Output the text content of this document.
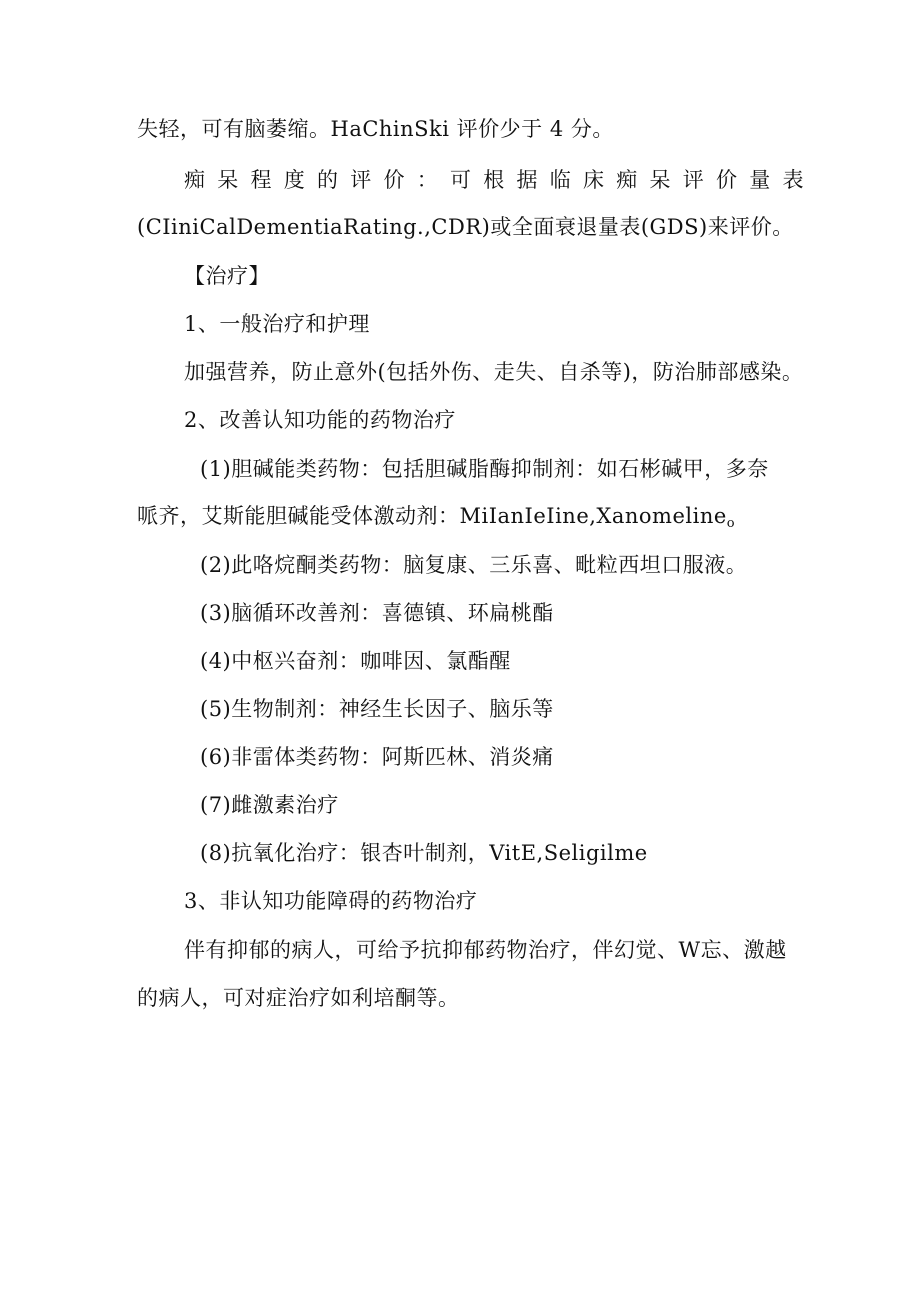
失轻，可有脑萎缩。HaChinSki 评价少于 4 分。
痴呆程度的评价：可根据临床痴呆评价量表
(CIiniCalDementiaRating.,CDR)或全面衰退量表(GDS)来评价。
【治疗】
1、一般治疗和护理
加强营养，防止意外(包括外伤、走失、自杀等)，防治肺部感染。
2、改善认知功能的药物治疗
(1)胆碱能类药物：包括胆碱脂酶抑制剂：如石彬碱甲，多奈
哌齐，艾斯能胆碱能受体激动剂：MiIanIeIine,Xanomeline$_o$
(2)此咯烷酮类药物：脑复康、三乐喜、毗粒西坦口服液。
(3)脑循环改善剂：喜德镇、环扁桃酯
(4)中枢兴奋剂：咖啡因、氯酯醒
(5)生物制剂：神经生长因子、脑乐等
(6)非雷体类药物：阿斯匹林、消炎痛
(7)雌激素治疗
(8)抗氧化治疗：银杏叶制剂，VitE,Seligilme
3、非认知功能障碍的药物治疗
伴有抑郁的病人，可给予抗抑郁药物治疗，伴幻觉、W忘、激越
的病人，可对症治疗如利培酮等。
